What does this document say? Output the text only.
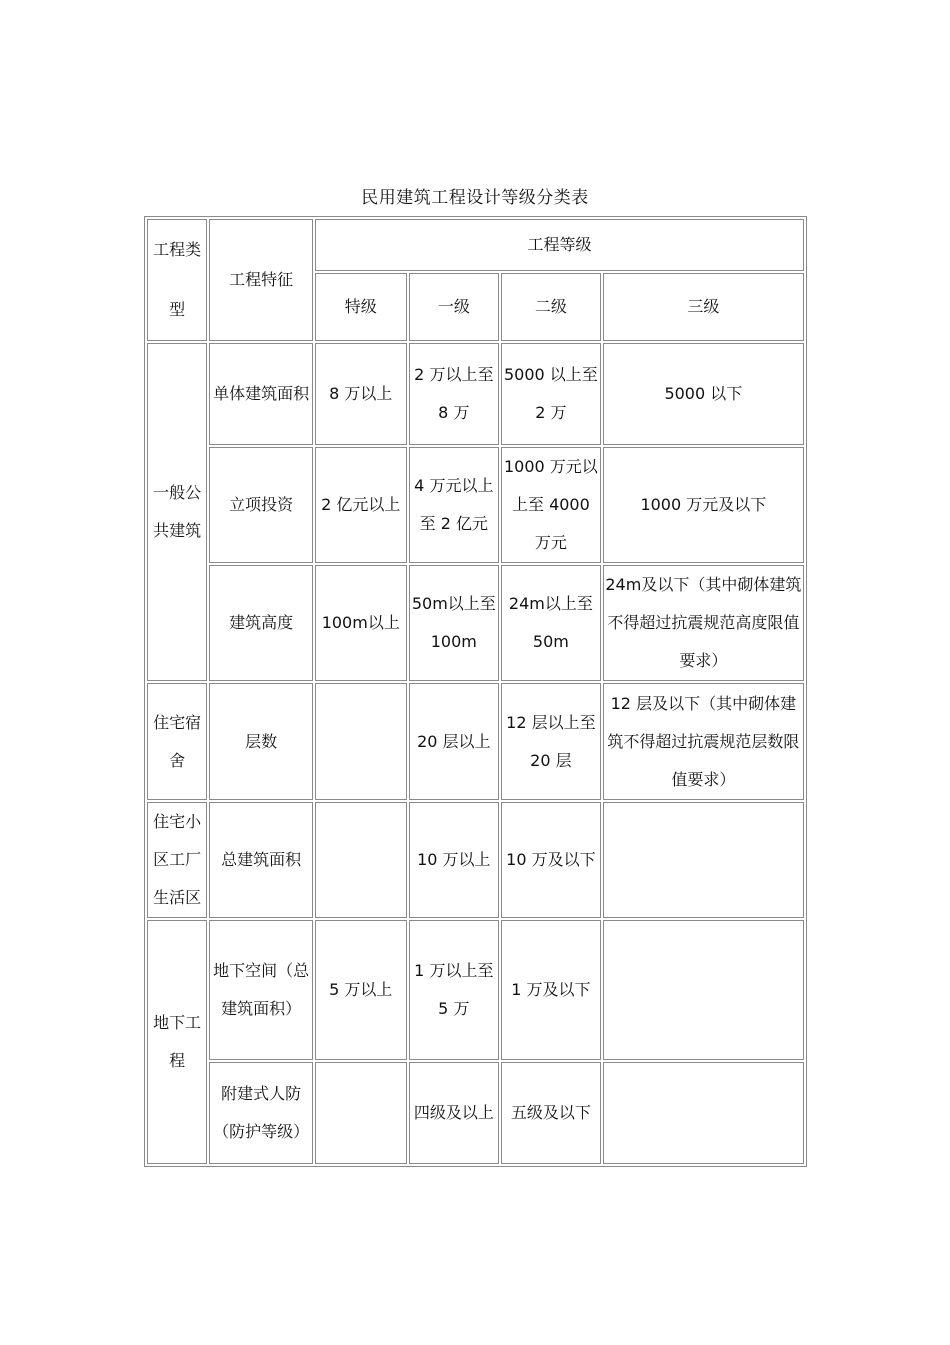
民用建筑工程设计等级分类表
工程类型	工程特征	工程等级			
		特级	一级	二级	三级
一般公共建筑	单体建筑面积	8 万以上	2 万以上至 8 万	5000 以上至 2 万	5000 以下
	立项投资	2 亿元以上	4 万元以上至 2 亿元	1000 万元以上至 4000 万元	1000 万元及以下
	建筑高度	100m以上	50m以上至 100m	24m以上至 50m	24m及以下（其中砌体建筑不得超过抗震规范高度限值要求）
住宅宿舍	层数		20 层以上	12 层以上至 20 层	12 层及以下（其中砌体建筑不得超过抗震规范层数限值要求）
住宅小区工厂生活区	总建筑面积		10 万以上	10 万及以下	
地下工程	地下空间（总建筑面积）	5 万以上	1 万以上至 5 万	1 万及以下	
	附建式人防（防护等级）		四级及以上	五级及以下	
